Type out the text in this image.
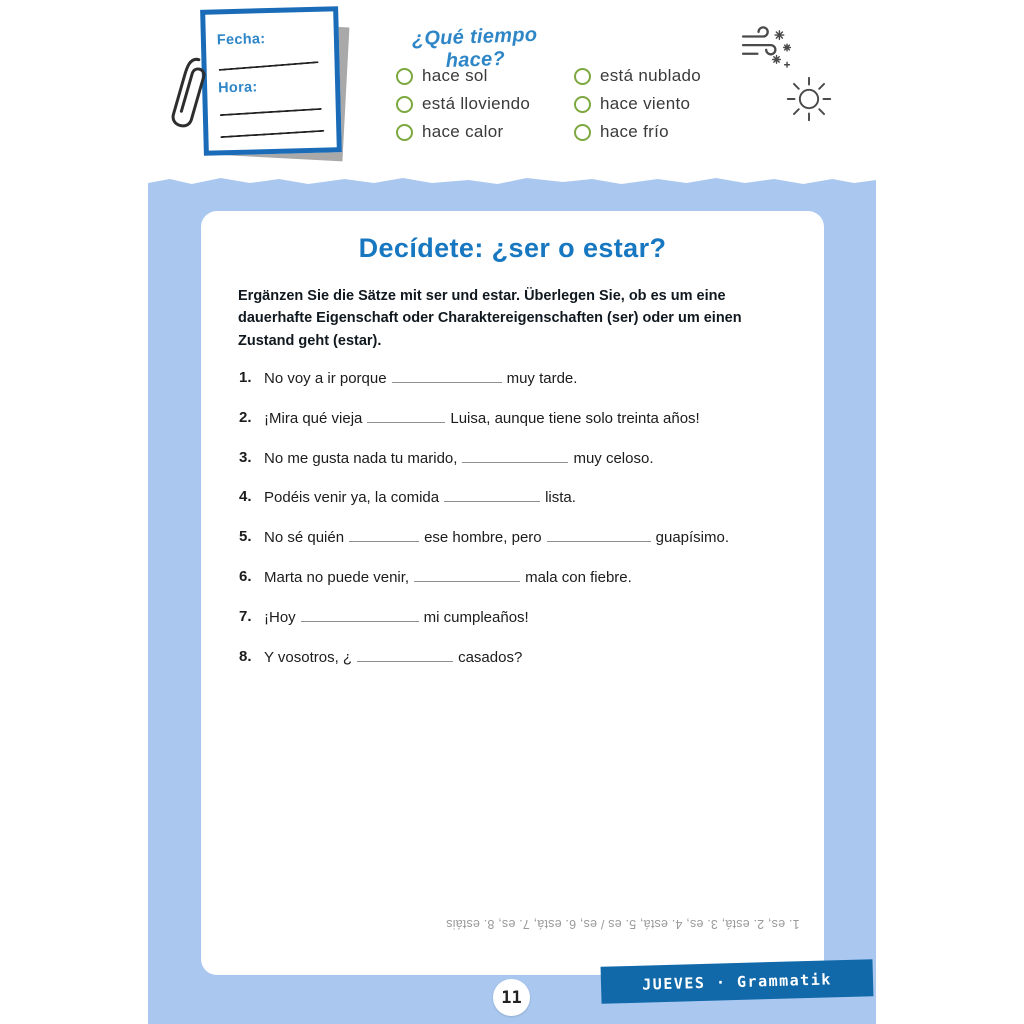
Fecha:
Hora:
¿Qué tiempo hace?
hace sol
está lloviendo
hace calor
está nublado
hace viento
hace frío
Decídete: ¿ser o estar?

Ergänzen Sie die Sätze mit ser und estar. Überlegen Sie, ob es um eine dauerhafte Eigenschaft oder Charaktereigenschaften (ser) oder um einen Zustand geht (estar).

1. No voy a ir porque	muy tarde.
2. ¡Mira qué vieja	Luisa, aunque tiene solo treinta años!
3. No me gusta nada tu marido,	muy celoso.
4. Podéis venir ya, la comida	lista.
5. No sé quién	ese hombre, pero	guapísimo.
6. Marta no puede venir,	mala con fiebre.
7. ¡Hoy	mi cumpleaños!
8. Y vosotros, ¿	casados?
1. es, 2. está, 3. es, 4. está, 5. es / es, 6. está, 7. es, 8. estáis
JUEVES · Grammatik
11
